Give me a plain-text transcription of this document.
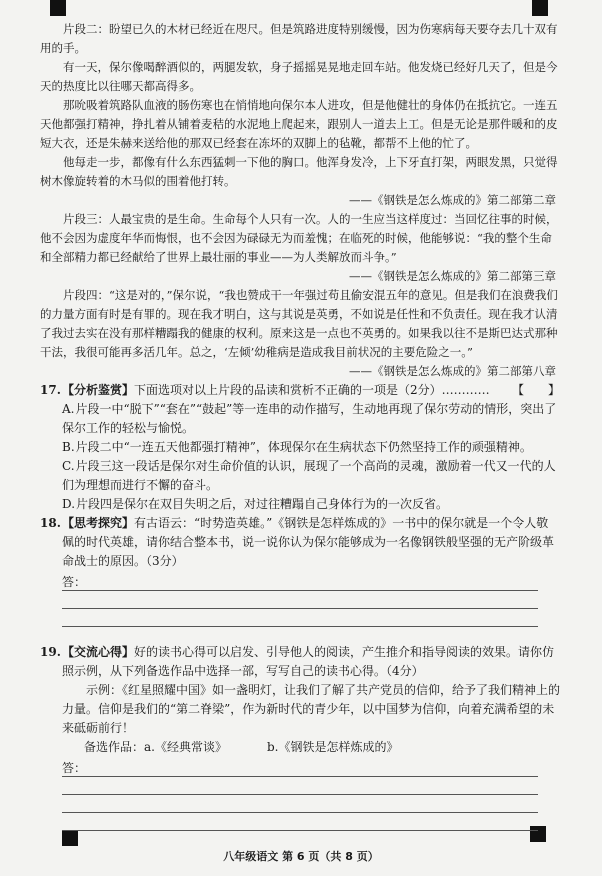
片段二：盼望已久的木材已经近在咫尺。但是筑路进度特别缓慢，因为伤寒病每天要夺去几十双有用的手。

有一天，保尔像喝醉酒似的，两腿发软，身子摇摇晃晃地走回车站。他发烧已经好几天了，但是今天的热度比以往哪天都高得多。

那吮吸着筑路队血液的肠伤寒也在悄悄地向保尔本人进攻，但是他健壮的身体仍在抵抗它。一连五天他都强打精神，挣扎着从铺着麦秸的水泥地上爬起来，跟别人一道去上工。但是无论是那件暖和的皮短大衣，还是朱赫来送给他的那双已经套在冻坏的双脚上的毡靴，都帮不上他的忙了。

他每走一步，都像有什么东西猛刺一下他的胸口。他浑身发冷，上下牙直打架，两眼发黑，只觉得树木像旋转着的木马似的围着他打转。

——《钢铁是怎么炼成的》第二部第二章

片段三：人最宝贵的是生命。生命每个人只有一次。人的一生应当这样度过：当回忆往事的时候，他不会因为虚度年华而悔恨，也不会因为碌碌无为而羞愧；在临死的时候，他能够说：“我的整个生命和全部精力都已经献给了世界上最壮丽的事业——为人类解放而斗争。”

——《钢铁是怎么炼成的》第二部第三章

片段四：“这是对的，”保尔说，“我也赞成干一年强过苟且偷安混五年的意见。但是我们在浪费我们的力量方面有时是有罪的。现在我才明白，这与其说是英勇，不如说是任性和不负责任。现在我才认清了我过去实在没有那样糟蹋我的健康的权利。原来这是一点也不英勇的。如果我以往不是斯巴达式那种干法，我很可能再多活几年。总之，‘左倾’幼稚病是造成我目前状况的主要危险之一。”

——《钢铁是怎么炼成的》第二部第八章

17. 【分析鉴赏】下面选项对以上片段的品读和赏析不正确的一项是（2分）………… 【　　】

A.片段一中“脱下”“套在”“鼓起”等一连串的动作描写，生动地再现了保尔劳动的情形，突出了保尔工作的轻松与愉悦。

B.片段二中“一连五天他都强打精神”，体现保尔在生病状态下仍然坚持工作的顽强精神。

C.片段三这一段话是保尔对生命价值的认识，展现了一个高尚的灵魂，激励着一代又一代的人们为理想而进行不懈的奋斗。

D.片段四是保尔在双目失明之后，对过往糟蹋自己身体行为的一次反省。

18. 【思考探究】有古语云：“时势造英雄。”《钢铁是怎样炼成的》一书中的保尔就是一个令人敬佩的时代英雄，请你结合整本书，说一说你认为保尔能够成为一名像钢铁般坚强的无产阶级革命战士的原因。（3分）
答：
19. 【交流心得】好的读书心得可以启发、引导他人的阅读，产生推介和指导阅读的效果。请你仿照示例，从下列备选作品中选择一部，写写自己的读书心得。（4分）

示例：《红星照耀中国》如一盏明灯，让我们了解了共产党员的信仰，给予了我们精神上的力量。信仰是我们的“第二脊梁”，作为新时代的青少年，以中国梦为信仰，向着充满希望的未来砥砺前行！

备选作品：a.《经典常谈》	b.《钢铁是怎样炼成的》

答：
八年级语文 第 6 页（共 8 页）
